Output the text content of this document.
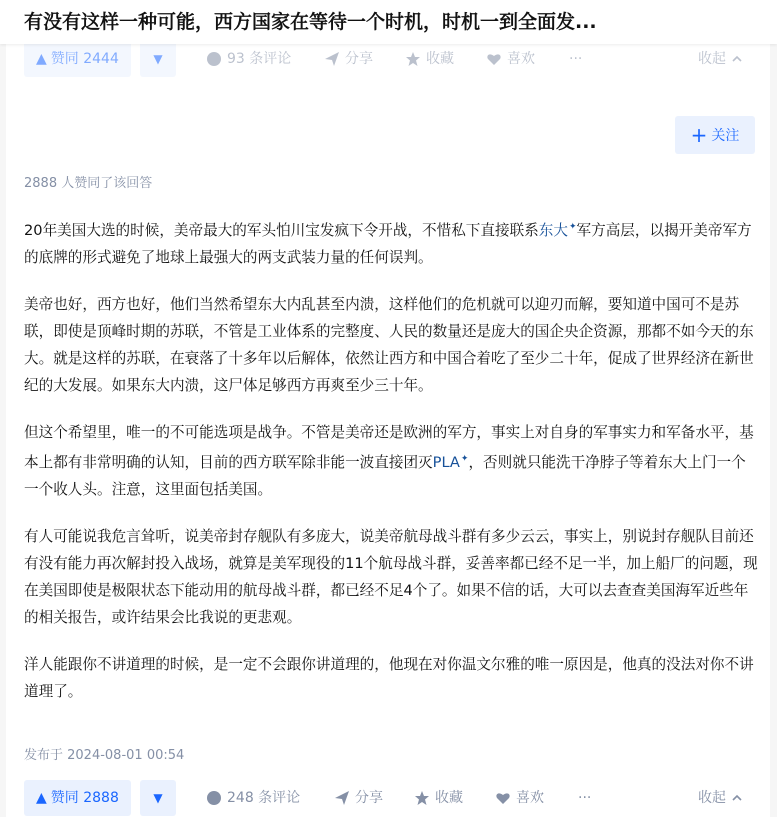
有没有这样一种可能，西方国家在等待一个时机，时机一到全面发...
▲ 赞同 2444	▼	93 条评论	分享	收藏	喜欢 ···	收起
+ 关注
2888 人赞同了该回答

20年美国大选的时候，美帝最大的军头怕川宝发疯下令开战，不惜私下直接联系东大✦军方高层，以揭开美帝军方的底牌的形式避免了地球上最强大的两支武装力量的任何误判。

美帝也好，西方也好，他们当然希望东大内乱甚至内溃，这样他们的危机就可以迎刃而解，要知道中国可不是苏联，即使是顶峰时期的苏联，不管是工业体系的完整度、人民的数量还是庞大的国企央企资源，那都不如今天的东大。就是这样的苏联，在衰落了十多年以后解体，依然让西方和中国合着吃了至少二十年，促成了世界经济在新世纪的大发展。如果东大内溃，这尸体足够西方再爽至少三十年。

但这个希望里，唯一的不可能选项是战争。不管是美帝还是欧洲的军方，事实上对自身的军事实力和军备水平，基本上都有非常明确的认知，目前的西方联军除非能一波直接团灭PLA✦，否则就只能洗干净脖子等着东大上门一个一个收人头。注意，这里面包括美国。

有人可能说我危言耸听，说美帝封存舰队有多庞大，说美帝航母战斗群有多少云云，事实上，别说封存舰队目前还有没有能力再次解封投入战场，就算是美军现役的11个航母战斗群，妥善率都已经不足一半，加上船厂的问题，现在美国即使是极限状态下能动用的航母战斗群，都已经不足4个了。如果不信的话，大可以去查查美国海军近些年的相关报告，或许结果会比我说的更悲观。

洋人能跟你不讲道理的时候，是一定不会跟你讲道理的，他现在对你温文尔雅的唯一原因是，他真的没法对你不讲道理了。

发布于 2024-08-01 00:54
▲ 赞同 2888	▼	248 条评论	分享	收藏	喜欢 ···	收起
